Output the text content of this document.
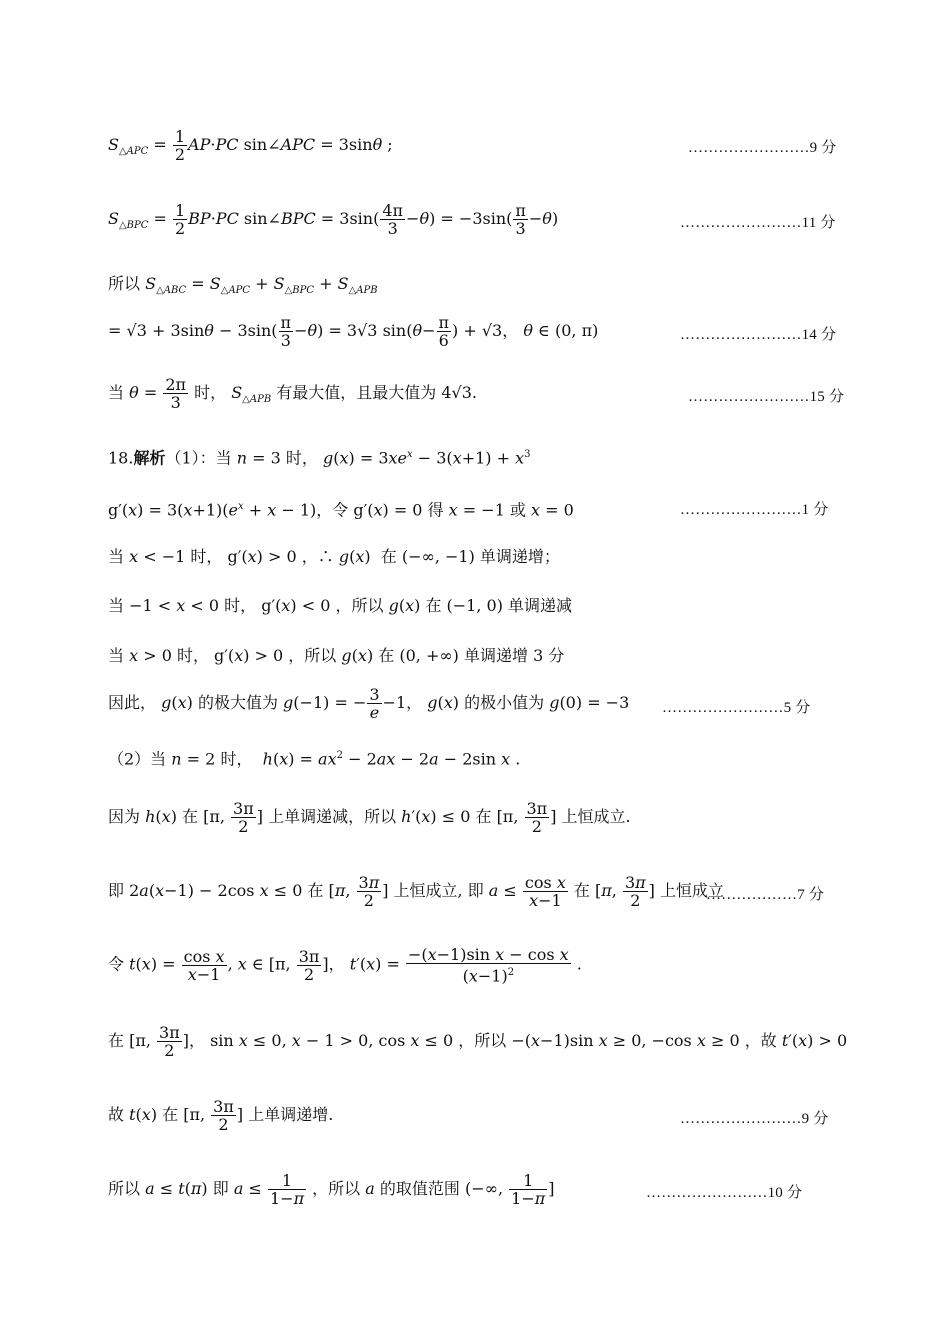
$S_{\triangle APC} = \frac{1}{2} AP\cdot PC$ sin∠APC = 3sinθ ;	……………………9 分
$S_{\triangle BPC} = \frac{1}{2} BP\cdot PC$ sin∠BPC = $3\sin( \frac{4\pi}{3} -\theta) = -3\sin( \frac{\pi}{3} -\theta)$	……………………11 分
所以 $S_{\triangle ABC} = S_{\triangle APC} + S_{\triangle BPC} + S_{\triangle APB}$
= $√3 + 3\sin\theta - 3\sin( \frac{\pi}{3} -\theta) = 3√3$ $\sin(\theta- \frac{\pi}{6}$ ) + √3， θ ∈ (0, π)	……………………14 分
当 $\theta = \frac{2\pi}{3}$ 时， $S_{\triangle APB}$ 有最大值，且最大值为 4√3.	……………………15 分
18.解析（1）：当 n = 3 时， $g(x) = 3xe^x - 3(x+1) + x^3$
$g'(x) = 3(x+1)(e^x + x - 1)$，令 g′(x) = 0 得 x = −1 或 x = 0	……………………1 分
当 x < −1 时， g′(x) > 0 ，∴ g(x)  在 (−∞, −1) 单调递增；
当 −1 < x < 0 时， g′(x) < 0 ，所以 g(x) 在 (−1, 0) 单调递减
当 x > 0 时， g′(x) > 0 ，所以 g(x) 在 (0, +∞) 单调递增 3 分
因此， g(x) 的极大值为 g(−1) = − $\frac{3}{e} -1$， g(x) 的极小值为 g(0) = −3	……………………5 分
（2）当 n = 2 时，  $h(x) = ax^2 - 2ax - 2a - 2\sin$ x .
因为 h(x) 在 [π, $\frac{3\pi}{2}$ ] 上单调递减，所以 h′(x) ≤ 0 在 [π, $\frac{3\pi}{2}$ ] 上恒成立.
即 2a(x−1) − 2cos x ≤ 0 在 [π, $\frac{3\pi}{2}$ ] 上恒成立, 即 $a \le \frac{\text{cos x}}{x-1}$ 在 [π, $\frac{3\pi}{2}$ ] 上恒成立
………………7 分
令 $t(x) = \frac{\text{cos x}}{x-1}$ , x ∈ [π, $\frac{3\pi}{2}$ ]， $t'(x) = \frac{\text{−(x−1)sin x − cos x}}{(x-1)^2}$ .
在 [π, $\frac{3\pi}{2}$ ]， sin x ≤ 0, x − 1 > 0, cos x ≤ 0 ，所以 −(x−1)sin x ≥ 0, −cos x ≥ 0 ，故 t′(x) > 0
故 t(x) 在 [π, $\frac{3\pi}{2}$ ] 上单调递增.	……………………9 分
所以 a ≤ t(π) 即 $a \le \frac{1}{1-\pi}$ ，所以 a 的取值范围 (−∞, $\frac{1}{1-\pi}$ ]	……………………10 分
